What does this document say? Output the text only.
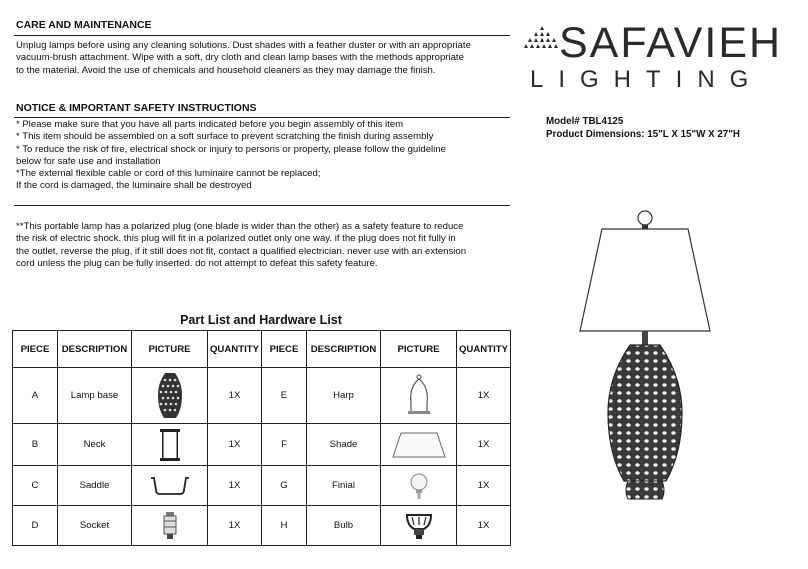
CARE AND MAINTENANCE
Unplug lamps before using any cleaning solutions. Dust shades with a feather duster or with an appropriate
vacuum-brush attachment. Wipe with a soft, dry cloth and clean lamp bases with the methods appropriate
to the material. Avoid the use of chemicals and household cleaners as they may damage the finish.
NOTICE & IMPORTANT SAFETY INSTRUCTIONS
* Please make sure that you have all parts indicated before you begin assembly of this item
* This item should be assembled on a soft surface to prevent scratching the finish during assembly
* To reduce the risk of fire, electrical shock or injury to persons or property, please follow the guideline
below for safe use and installation
*The external flexible cable or cord of this luminaire cannot be replaced;
If the cord is damaged, the luminaire shall be destroyed
**This portable lamp has a polarized plug (one blade is wider than the other) as a safety feature to reduce
the risk of electric shock. this plug will fit in a polarized outlet only one way. if the plug does not fit fully in
the outlet, reverse the plug, if it still does not fit, contact a qualified electrician. never use with an extension
cord unless the plug can be fully inserted. do not attempt to defeat this safety feature.
Part List and Hardware List
PIECE	DESCRIPTION	PICTURE	QUANTITY	PIECE	DESCRIPTION	PICTURE	QUANTITY
A	Lamp base		1X	E	Harp		1X
B	Neck		1X	F	Shade		1X
C	Saddle		1X	G	Finial		1X
D	Socket		1X	H	Bulb		1X
SAFAVIEH
LIGHTING
Model# TBL4125
Product Dimensions: 15"L X 15"W X 27"H
